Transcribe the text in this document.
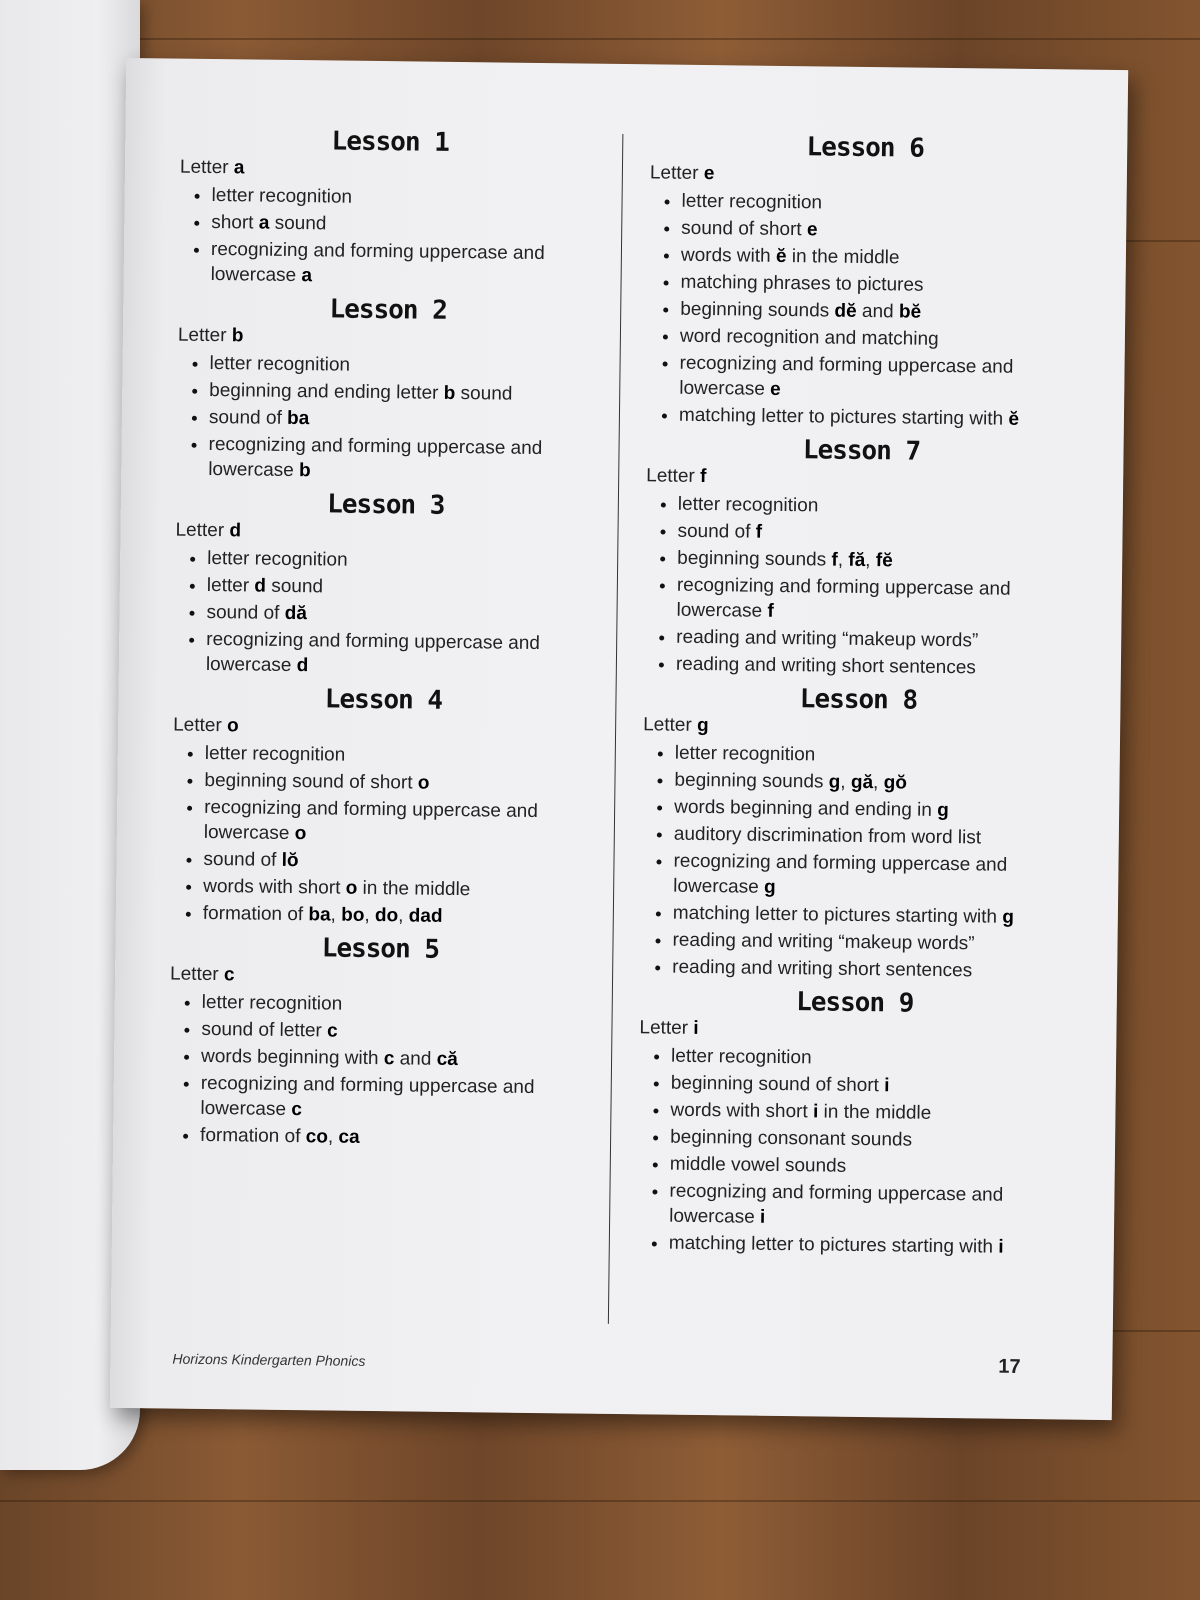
Lesson 1
Letter a
• letter recognition
• short a sound
• recognizing and forming uppercase and lowercase a
Lesson 2
Letter b
• letter recognition
• beginning and ending letter b sound
• sound of ba
• recognizing and forming uppercase and lowercase b
Lesson 3
Letter d
• letter recognition
• letter d sound
• sound of dă
• recognizing and forming uppercase and lowercase d
Lesson 4
Letter o
• letter recognition
• beginning sound of short o
• recognizing and forming uppercase and lowercase o
• sound of lŏ
• words with short o in the middle
• formation of ba, bo, do, dad
Lesson 5
Letter c
• letter recognition
• sound of letter c
• words beginning with c and că
• recognizing and forming uppercase and lowercase c
• formation of co, ca
Lesson 6
Letter e
• letter recognition
• sound of short e
• words with ĕ in the middle
• matching phrases to pictures
• beginning sounds dĕ and bĕ
• word recognition and matching
• recognizing and forming uppercase and lowercase e
• matching letter to pictures starting with ĕ
Lesson 7
Letter f
• letter recognition
• sound of f
• beginning sounds f, fă, fĕ
• recognizing and forming uppercase and lowercase f
• reading and writing “makeup words”
• reading and writing short sentences
Lesson 8
Letter g
• letter recognition
• beginning sounds g, gă, gŏ
• words beginning and ending in g
• auditory discrimination from word list
• recognizing and forming uppercase and lowercase g
• matching letter to pictures starting with g
• reading and writing “makeup words”
• reading and writing short sentences
Lesson 9
Letter i
• letter recognition
• beginning sound of short i
• words with short i in the middle
• beginning consonant sounds
• middle vowel sounds
• recognizing and forming uppercase and lowercase i
• matching letter to pictures starting with i
Horizons Kindergarten Phonics	17
